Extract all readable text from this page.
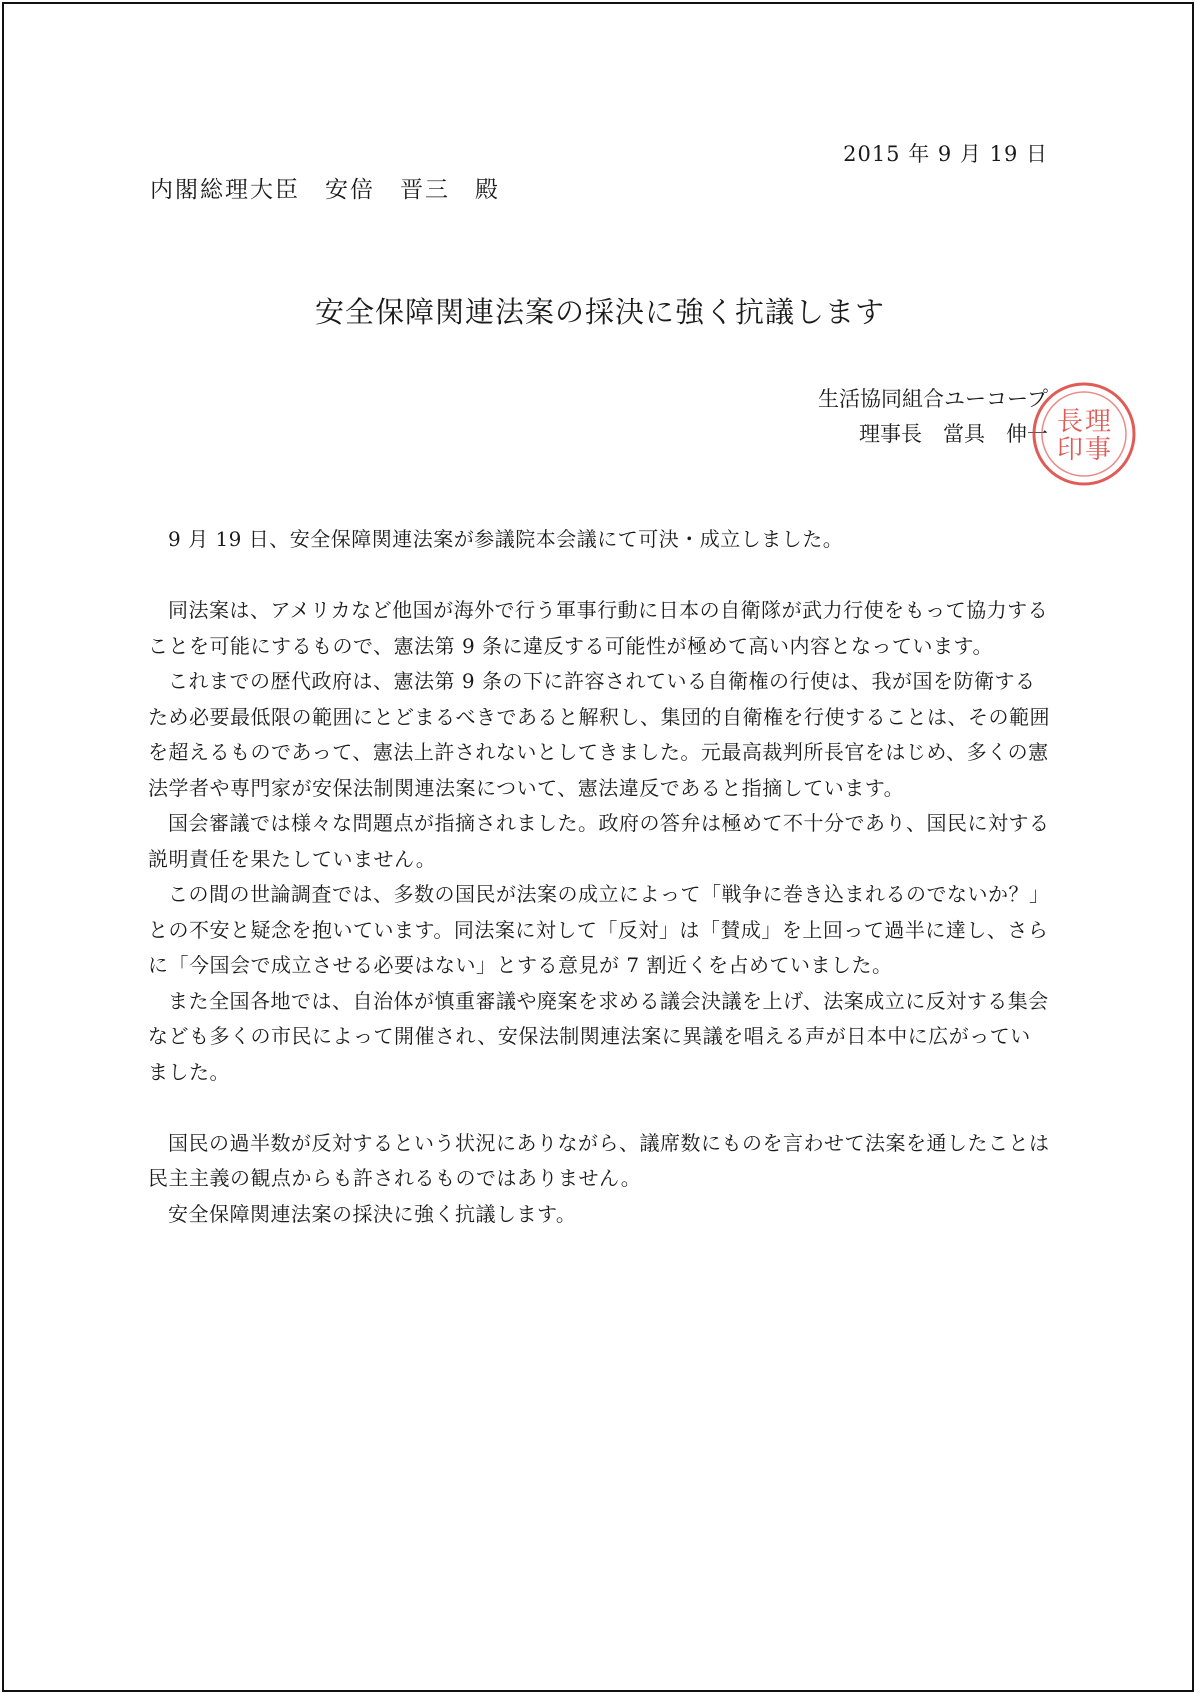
2015 年 9 月 19 日
内閣総理大臣　安倍　晋三　殿
安全保障関連法案の採決に強く抗議します
生活協同組合ユーコープ
理事長　當具　伸一 理
事
長
印

9 月 19 日、安全保障関連法案が参議院本会議にて可決・成立しました。

同法案は、アメリカなど他国が海外で行う軍事行動に日本の自衛隊が武力行使をもって協力することを可能にするもので、憲法第 9 条に違反する可能性が極めて高い内容となっています。

これまでの歴代政府は、憲法第 9 条の下に許容されている自衛権の行使は、我が国を防衛するため必要最低限の範囲にとどまるべきであると解釈し、集団的自衛権を行使することは、その範囲を超えるものであって、憲法上許されないとしてきました。元最高裁判所長官をはじめ、多くの憲法学者や専門家が安保法制関連法案について、憲法違反であると指摘しています。

国会審議では様々な問題点が指摘されました。政府の答弁は極めて不十分であり、国民に対する説明責任を果たしていません。

この間の世論調査では、多数の国民が法案の成立によって「戦争に巻き込まれるのでないか？」との不安と疑念を抱いています。同法案に対して「反対」は「賛成」を上回って過半に達し、さらに「今国会で成立させる必要はない」とする意見が 7 割近くを占めていました。

また全国各地では、自治体が慎重審議や廃案を求める議会決議を上げ、法案成立に反対する集会なども多くの市民によって開催され、安保法制関連法案に異議を唱える声が日本中に広がっていました。

国民の過半数が反対するという状況にありながら、議席数にものを言わせて法案を通したことは民主主義の観点からも許されるものではありません。

安全保障関連法案の採決に強く抗議します。
